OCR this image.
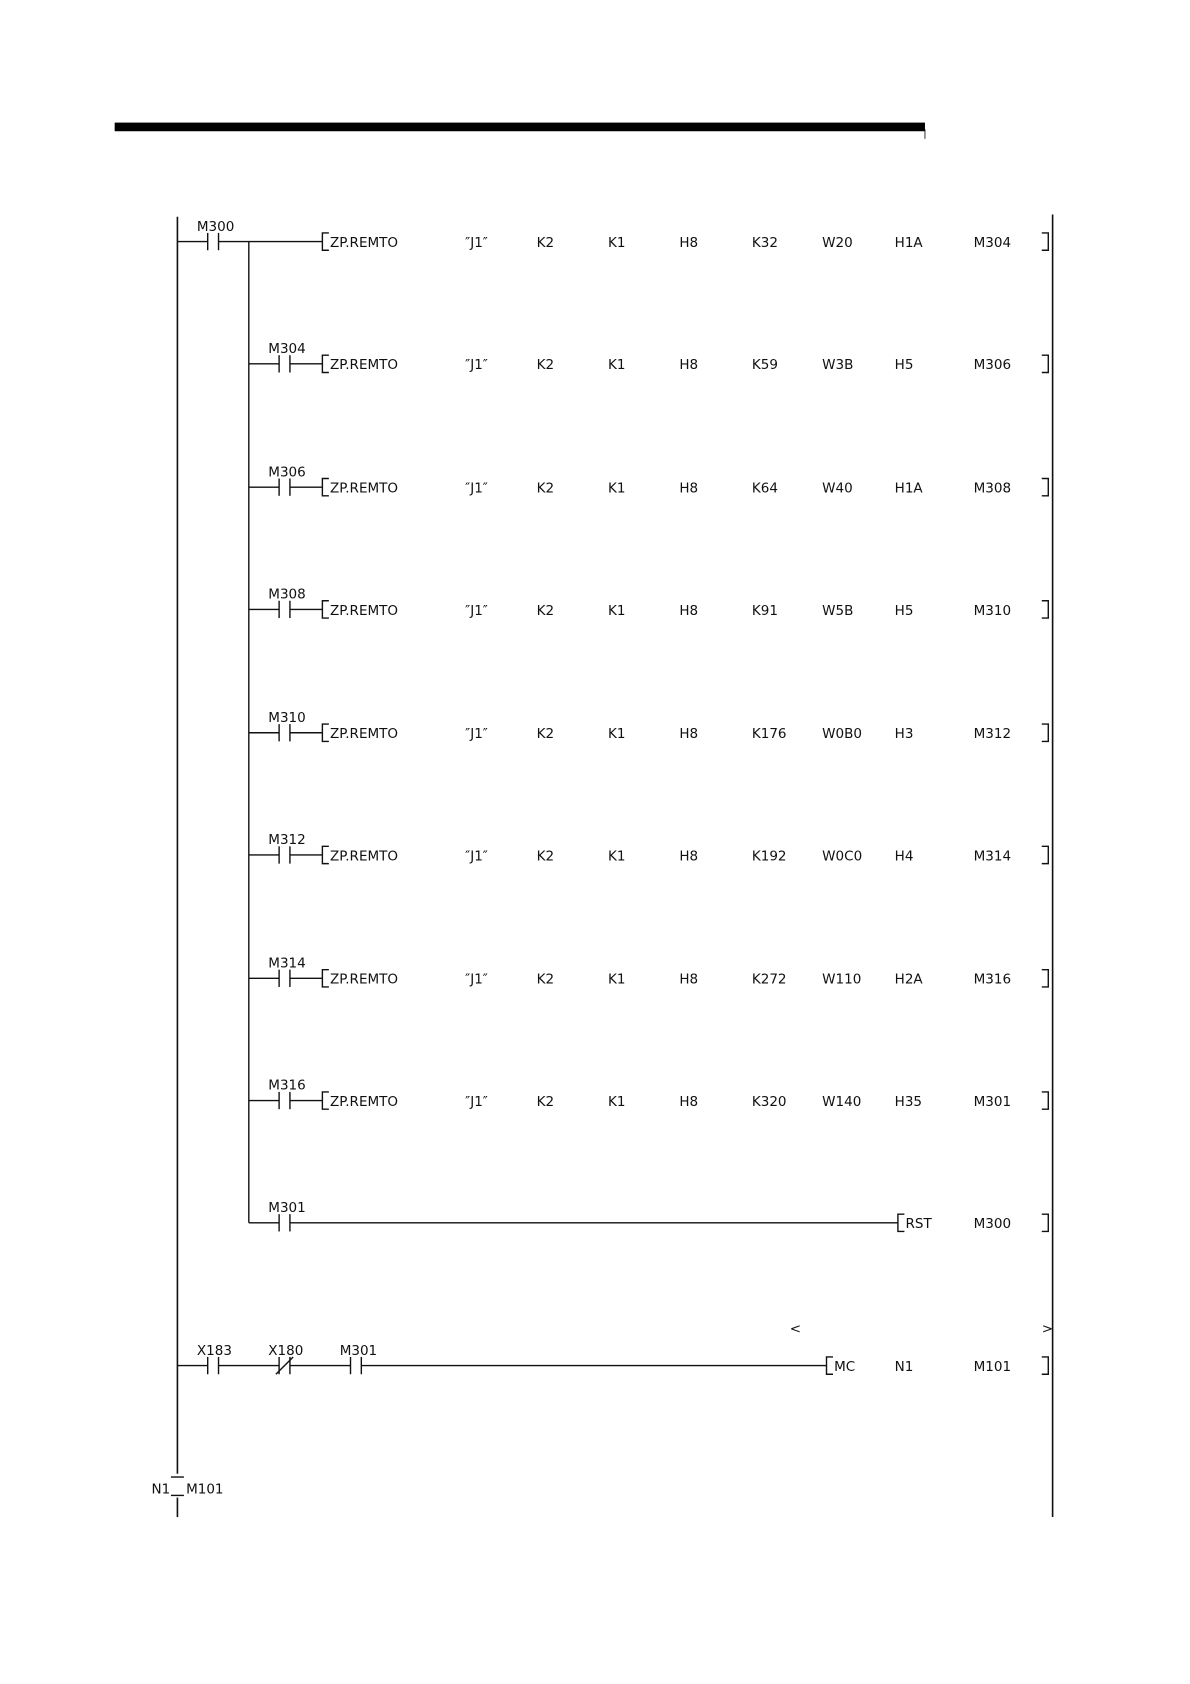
M300
ZP.REMTO	″J1″	K2	K1	H8	K32	W20	H1A	M304
M304
ZP.REMTO	″J1″	K2	K1	H8	K59	W3B	H5	M306
M306
ZP.REMTO	″J1″	K2	K1	H8	K64	W40	H1A	M308
M308
ZP.REMTO	″J1″	K2	K1	H8	K91	W5B	H5	M310
M310
ZP.REMTO	″J1″	K2	K1	H8	K176	W0B0	H3	M312
M312
ZP.REMTO	″J1″	K2	K1	H8	K192	W0C0	H4	M314
M314
ZP.REMTO	″J1″	K2	K1	H8	K272	W110	H2A	M316
M316
ZP.REMTO	″J1″	K2	K1	H8	K320	W140	H35	M301
M301
RST	M300
<	>
X183	X180	M301
MC	N1	M101
N1 M101
